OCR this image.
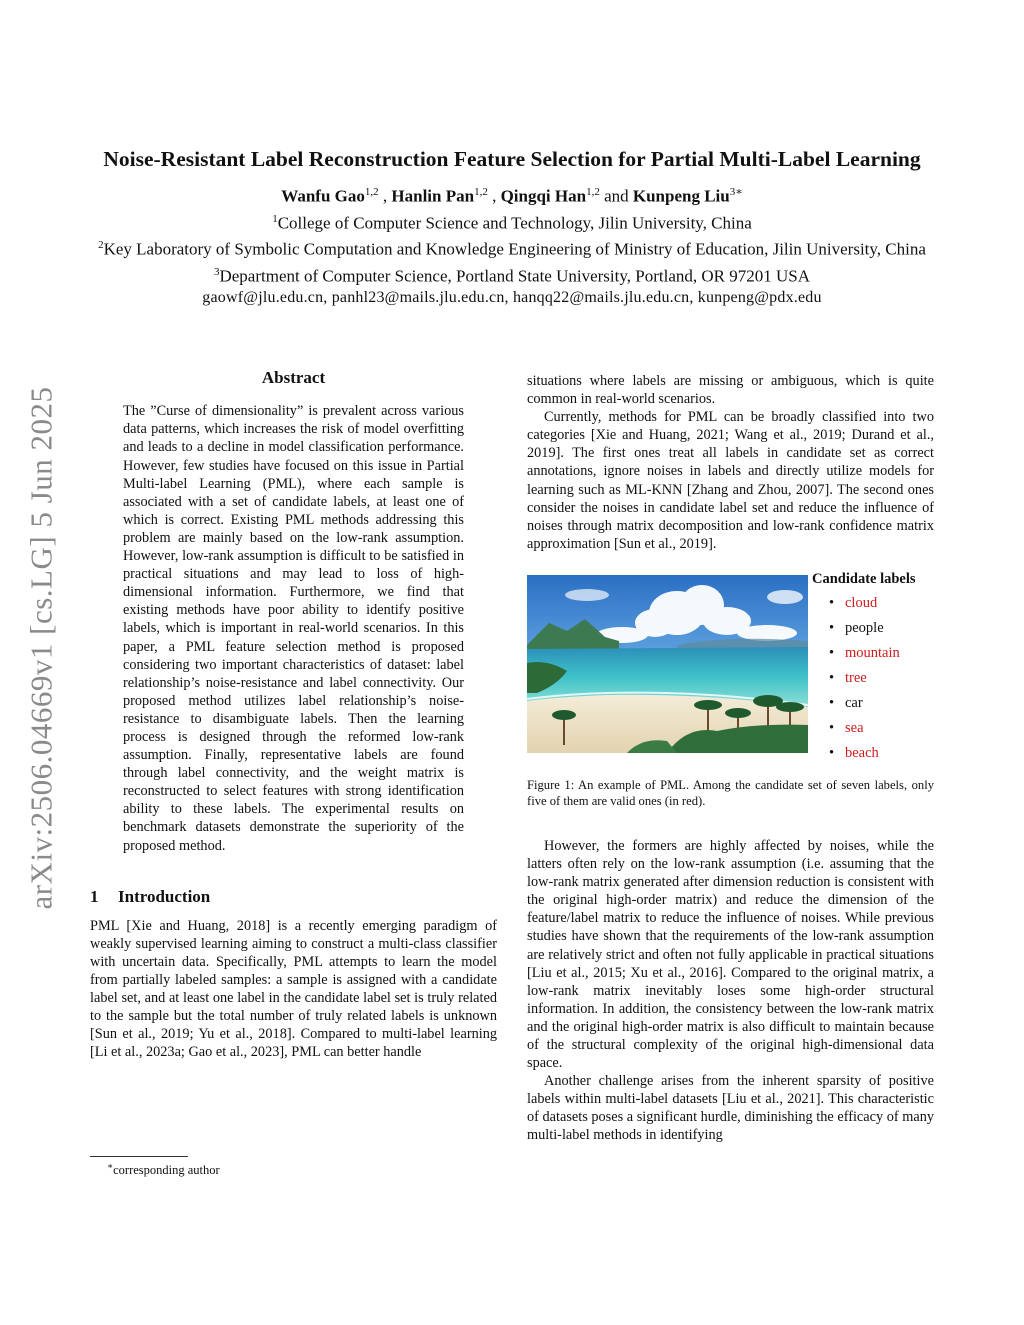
arXiv:2506.04669v1 [cs.LG] 5 Jun 2025
Noise-Resistant Label Reconstruction Feature Selection for Partial Multi-Label Learning
Wanfu Gao$^{1,2}$ , Hanlin Pan$^{1,2}$ , Qingqi Han$^{1,2}$ and Kunpeng Liu$^{3∗}$
$^1$College of Computer Science and Technology, Jilin University, China
$^2$Key Laboratory of Symbolic Computation and Knowledge Engineering of Ministry of Education, Jilin University, China
$^3$Department of Computer Science, Portland State University, Portland, OR 97201 USA
gaowf@jlu.edu.cn, panhl23@mails.jlu.edu.cn, hanqq22@mails.jlu.edu.cn, kunpeng@pdx.edu
Abstract

The ”Curse of dimensionality” is prevalent across various data patterns, which increases the risk of model overfitting and leads to a decline in model classification performance. However, few studies have focused on this issue in Partial Multi-label Learning (PML), where each sample is associated with a set of candidate labels, at least one of which is correct. Existing PML methods addressing this problem are mainly based on the low-rank assumption. However, low-rank assumption is difficult to be satisfied in practical situations and may lead to loss of high-dimensional information. Furthermore, we find that existing methods have poor ability to identify positive labels, which is important in real-world scenarios. In this paper, a PML feature selection method is proposed considering two important characteristics of dataset: label relationship’s noise-resistance and label connectivity. Our proposed method utilizes label relationship’s noise-resistance to disambiguate labels. Then the learning process is designed through the reformed low-rank assumption. Finally, representative labels are found through label connectivity, and the weight matrix is reconstructed to select features with strong identification ability to these labels. The experimental results on benchmark datasets demonstrate the superiority of the proposed method.

1 Introduction

PML [Xie and Huang, 2018] is a recently emerging paradigm of weakly supervised learning aiming to construct a multi-class classifier with uncertain data. Specifically, PML attempts to learn the model from partially labeled samples: a sample is assigned with a candidate label set, and at least one label in the candidate label set is truly related to the sample but the total number of truly related labels is unknown [Sun et al., 2019; Yu et al., 2018]. Compared to multi-label learning [Li et al., 2023a; Gao et al., 2023], PML can better handle

∗corresponding author

situations where labels are missing or ambiguous, which is quite common in real-world scenarios.

Currently, methods for PML can be broadly classified into two categories [Xie and Huang, 2021; Wang et al., 2019; Durand et al., 2019]. The first ones treat all labels in candidate set as correct annotations, ignore noises in labels and directly utilize models for learning such as ML-KNN [Zhang and Zhou, 2007]. The second ones consider the noises in candidate label set and reduce the influence of noises through matrix decomposition and low-rank confidence matrix approximation [Sun et al., 2019].

Candidate labels
• cloud
• people
• mountain
• tree
• car
• sea
• beach

Figure 1: An example of PML. Among the candidate set of seven labels, only five of them are valid ones (in red).

However, the formers are highly affected by noises, while the latters often rely on the low-rank assumption (i.e. assuming that the low-rank matrix generated after dimension reduction is consistent with the original high-order matrix) and reduce the dimension of the feature/label matrix to reduce the influence of noises. While previous studies have shown that the requirements of the low-rank assumption are relatively strict and often not fully applicable in practical situations [Liu et al., 2015; Xu et al., 2016]. Compared to the original matrix, a low-rank matrix inevitably loses some high-order structural information. In addition, the consistency between the low-rank matrix and the original high-order matrix is also difficult to maintain because of the structural complexity of the original high-dimensional data space.

Another challenge arises from the inherent sparsity of positive labels within multi-label datasets [Liu et al., 2021]. This characteristic of datasets poses a significant hurdle, diminishing the efficacy of many multi-label methods in identifying
